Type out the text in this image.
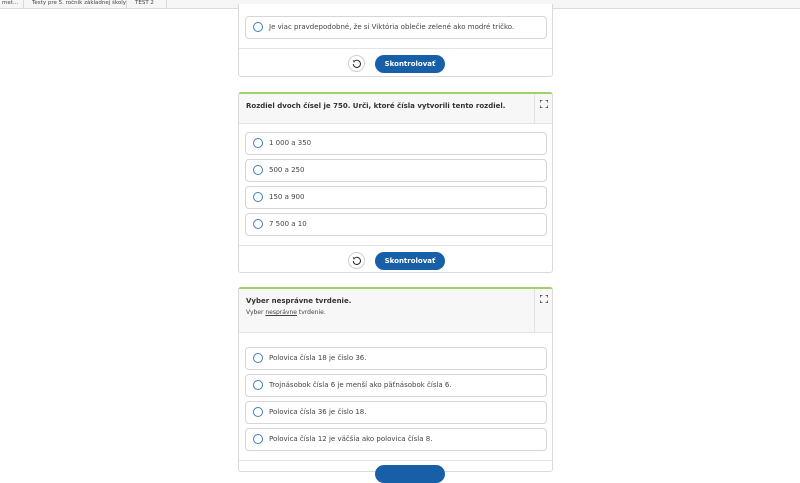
met...	Testy pre 5. ročník základnej školy	TEST 2
Je viac pravdepodobné, že si Viktória oblečie zelené ako modré tričko.
Skontrolovať
Rozdiel dvoch čísel je 750. Urči, ktoré čísla vytvorili tento rozdiel.
1 000 a 350
500 a 250
150 a 900
7 500 a 10
Skontrolovať
Vyber nesprávne tvrdenie.
Vyber nesprávne tvrdenie.
Polovica čísla 18 je číslo 36.
Trojnásobok čísla 6 je menší ako päťnásobok čísla 6.
Polovica čísla 36 je číslo 18.
Polovica čísla 12 je väčšia ako polovica čísla 8.
